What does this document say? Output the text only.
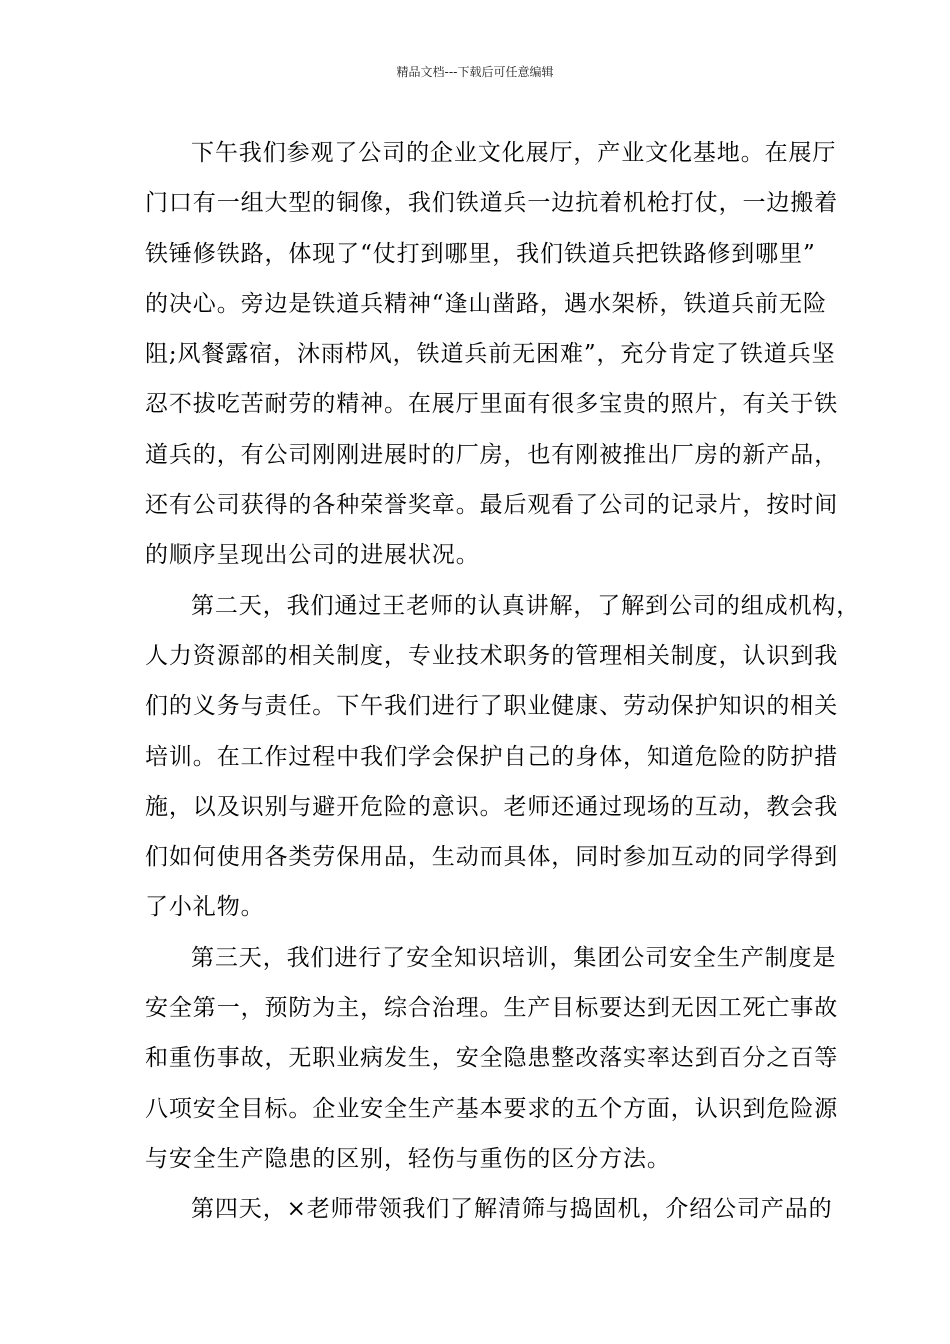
精品文档---下载后可任意编辑
下午我们参观了公司的企业文化展厅，产业文化基地。在展厅
门口有一组大型的铜像，我们铁道兵一边抗着机枪打仗，一边搬着
铁锤修铁路，体现了“仗打到哪里，我们铁道兵把铁路修到哪里”
的决心。旁边是铁道兵精神“逢山凿路，遇水架桥，铁道兵前无险
阻;风餐露宿，沐雨栉风，铁道兵前无困难”，充分肯定了铁道兵坚
忍不拔吃苦耐劳的精神。在展厅里面有很多宝贵的照片，有关于铁
道兵的，有公司刚刚进展时的厂房，也有刚被推出厂房的新产品，
还有公司获得的各种荣誉奖章。最后观看了公司的记录片，按时间
的顺序呈现出公司的进展状况。
第二天，我们通过王老师的认真讲解，了解到公司的组成机构，
人力资源部的相关制度，专业技术职务的管理相关制度，认识到我
们的义务与责任。下午我们进行了职业健康、劳动保护知识的相关
培训。在工作过程中我们学会保护自己的身体，知道危险的防护措
施，以及识别与避开危险的意识。老师还通过现场的互动，教会我
们如何使用各类劳保用品，生动而具体，同时参加互动的同学得到
了小礼物。
第三天，我们进行了安全知识培训，集团公司安全生产制度是
安全第一，预防为主，综合治理。生产目标要达到无因工死亡事故
和重伤事故，无职业病发生，安全隐患整改落实率达到百分之百等
八项安全目标。企业安全生产基本要求的五个方面，认识到危险源
与安全生产隐患的区别，轻伤与重伤的区分方法。
第四天，×老师带领我们了解清筛与捣固机，介绍公司产品的
